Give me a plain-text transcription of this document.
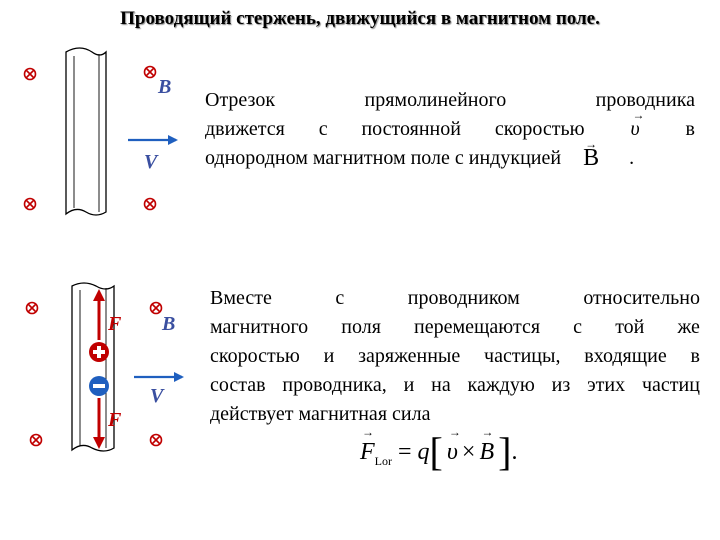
Проводящий стержень, движущийся в магнитном поле.
B
V
B
V
F
F
Отрезок	прямолинейного	проводника
движется с постоянной скоростью
→ υ в
однородном магнитном поле с индукцией
→ B .
Вместе	с	проводником	относительно
магнитного поля перемещаются с той же
скоростью и заряженные частицы, входящие в
состав проводника, и на каждую из этих частиц
действует магнитная сила
→ $F_{Lor} = q[\to \upsilon \times\to B$ ].
